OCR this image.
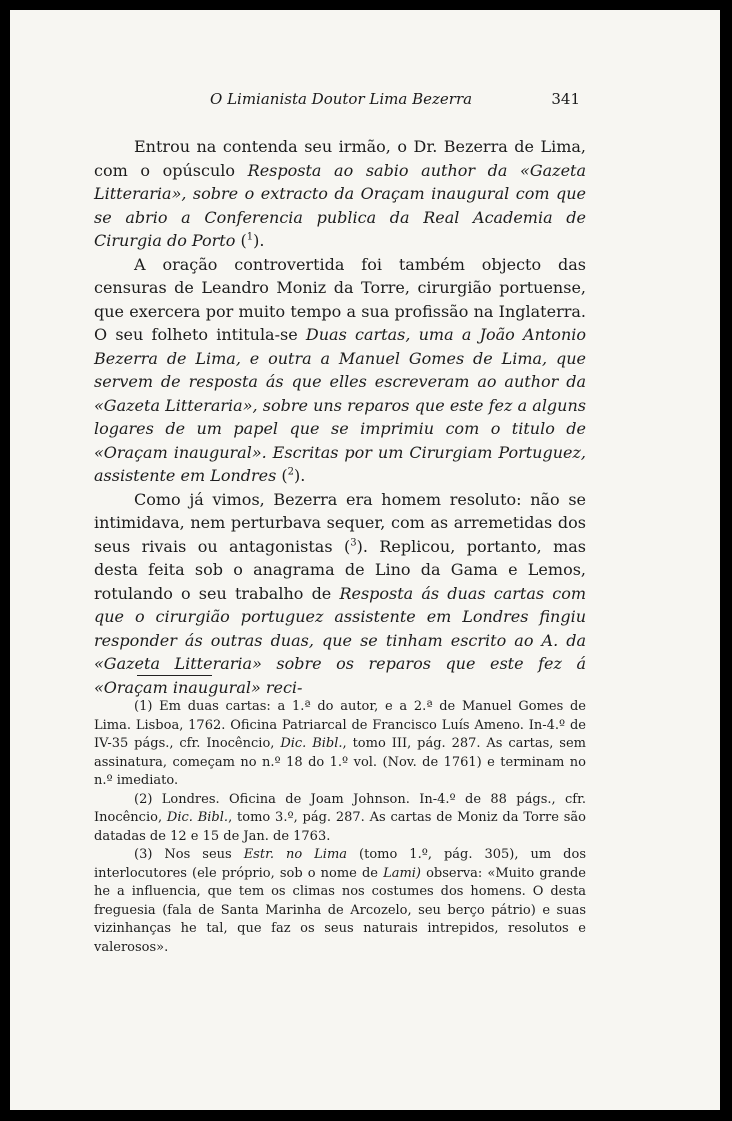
O Limianista Doutor Lima Bezerra	341

Entrou na contenda seu irmão, o Dr. Bezerra de Lima, com o opúsculo Resposta ao sabio author da «Gazeta Litteraria», sobre o extracto da Oraçam inaugural com que se abrio a Conferencia publica da Real Academia de Cirurgia do Porto ($^1$).

A oração controvertida foi também objecto das censuras de Leandro Moniz da Torre, cirurgião portuense, que exercera por muito tempo a sua profissão na Inglaterra. O seu folheto intitula-se Duas cartas, uma a João Antonio Bezerra de Lima, e outra a Manuel Gomes de Lima, que servem de resposta ás que elles escreveram ao author da «Gazeta Litteraria», sobre uns reparos que este fez a alguns logares de um papel que se imprimiu com o titulo de «Oraçam inaugural». Escritas por um Cirurgiam Portuguez, assistente em Londres ($^2$).

Como já vimos, Bezerra era homem resoluto: não se intimidava, nem perturbava sequer, com as arremetidas dos seus rivais ou antagonistas ($^3$). Replicou, portanto, mas desta feita sob o anagrama de Lino da Gama e Lemos, rotulando o seu trabalho de Resposta ás duas cartas com que o cirurgião portuguez assistente em Londres fingiu responder ás outras duas, que se tinham escrito ao A. da «Gazeta Litteraria» sobre os reparos que este fez á «Oraçam inaugural» reci-

(1) Em duas cartas: a 1.ª do autor, e a 2.ª de Manuel Gomes de Lima. Lisboa, 1762. Oficina Patriarcal de Francisco Luís Ameno. In-4.º de IV-35 págs., cfr. Inocêncio, Dic. Bibl., tomo III, pág. 287. As cartas, sem assinatura, começam no n.º 18 do 1.º vol. (Nov. de 1761) e terminam no n.º imediato.

(2) Londres. Oficina de Joam Johnson. In-4.º de 88 págs., cfr. Inocêncio, Dic. Bibl., tomo 3.º, pág. 287. As cartas de Moniz da Torre são datadas de 12 e 15 de Jan. de 1763.

(3) Nos seus Estr. no Lima (tomo 1.º, pág. 305), um dos interlocutores (ele próprio, sob o nome de Lami) observa: «Muito grande he a influencia, que tem os climas nos costumes dos homens. O desta freguesia (fala de Santa Marinha de Arcozelo, seu berço pátrio) e suas vizinhanças he tal, que faz os seus naturais intrepidos, resolutos e valerosos».
